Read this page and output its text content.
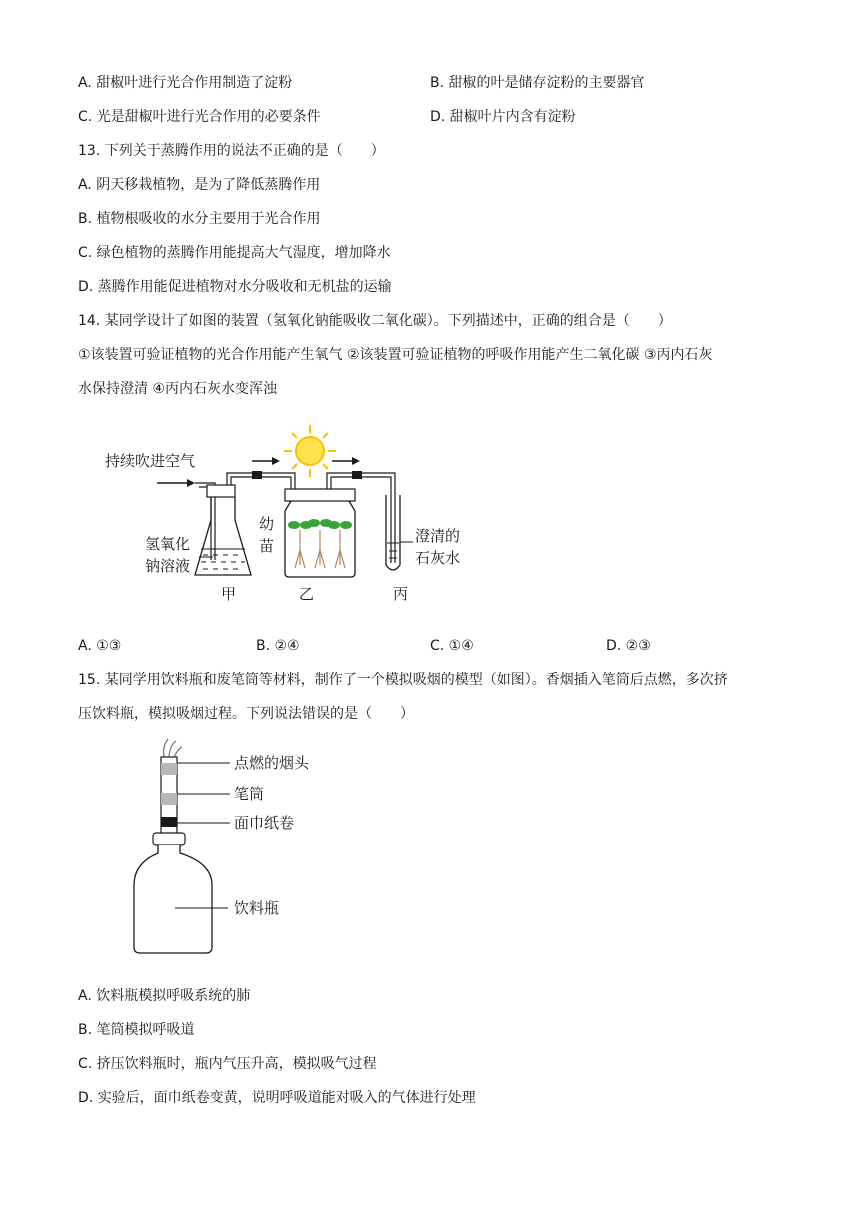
A. 甜椒叶进行光合作用制造了淀粉	B. 甜椒的叶是储存淀粉的主要器官
C. 光是甜椒叶进行光合作用的必要条件	D. 甜椒叶片内含有淀粉
13. 下列关于蒸腾作用的说法不正确的是（　　）
A. 阴天移栽植物，是为了降低蒸腾作用
B. 植物根吸收的水分主要用于光合作用
C. 绿色植物的蒸腾作用能提高大气湿度，增加降水
D. 蒸腾作用能促进植物对水分吸收和无机盐的运输
14. 某同学设计了如图的装置（氢氧化钠能吸收二氧化碳）。下列描述中，正确的组合是（　　）
①该装置可验证植物的光合作用能产生氧气 ②该装置可验证植物的呼吸作用能产生二氧化碳 ③丙内石灰
水保持澄清 ④丙内石灰水变浑浊
持续吹进空气
氢氧化
钠溶液
幼
苗
澄清的
石灰水
甲	乙	丙
A. ①③	B. ②④	C. ①④	D. ②③
15. 某同学用饮料瓶和废笔筒等材料，制作了一个模拟吸烟的模型（如图）。香烟插入笔筒后点燃，多次挤
压饮料瓶，模拟吸烟过程。下列说法错误的是（　　）
点燃的烟头
笔筒
面巾纸卷
饮料瓶
A. 饮料瓶模拟呼吸系统的肺
B. 笔筒模拟呼吸道
C. 挤压饮料瓶时，瓶内气压升高，模拟吸气过程
D. 实验后，面巾纸卷变黄，说明呼吸道能对吸入的气体进行处理
